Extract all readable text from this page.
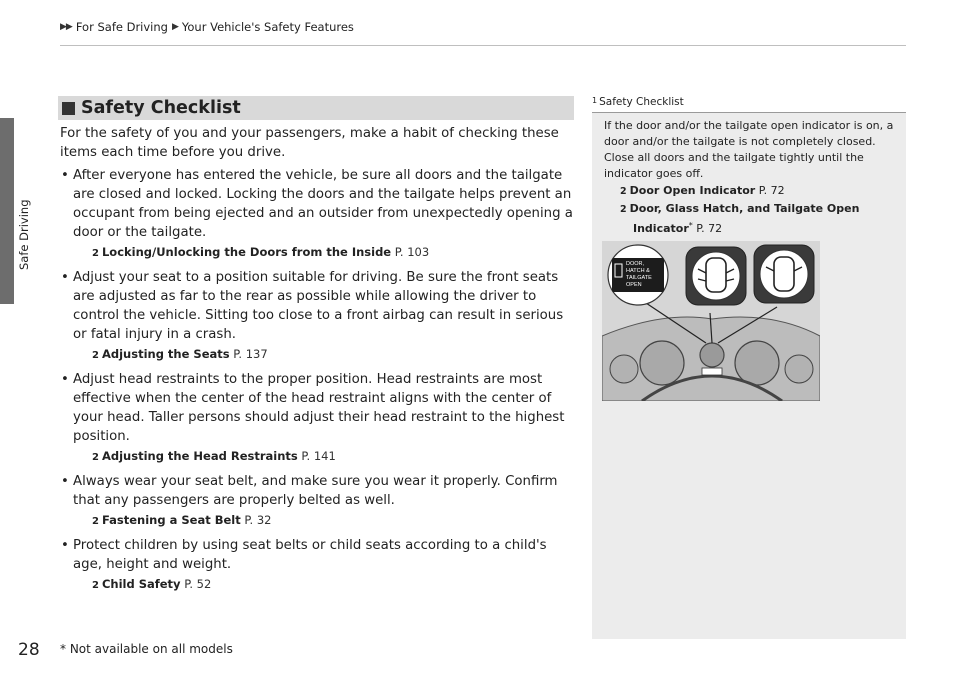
▶▶ For Safe Driving ▶ Your Vehicle's Safety Features
Safe Driving
Safety Checklist

For the safety of you and your passengers, make a habit of checking these items each time before you drive.

• After everyone has entered the vehicle, be sure all doors and the tailgate are closed and locked. Locking the doors and the tailgate helps prevent an occupant from being ejected and an outsider from unexpectedly opening a door or the tailgate.
2 Locking/Unlocking the Doors from the Inside P. 103
• Adjust your seat to a position suitable for driving. Be sure the front seats are adjusted as far to the rear as possible while allowing the driver to control the vehicle. Sitting too close to a front airbag can result in serious or fatal injury in a crash.
2 Adjusting the Seats P. 137
• Adjust head restraints to the proper position. Head restraints are most effective when the center of the head restraint aligns with the center of your head. Taller persons should adjust their head restraint to the highest position.
2 Adjusting the Head Restraints P. 141
• Always wear your seat belt, and make sure you wear it properly. Confirm that any passengers are properly belted as well.
2 Fastening a Seat Belt P. 32
• Protect children by using seat belts or child seats according to a child's age, height and weight.
2 Child Safety P. 52
1 Safety Checklist

If the door and/or the tailgate open indicator is on, a door and/or the tailgate is not completely closed. Close all doors and the tailgate tightly until the indicator goes off.

2 Door Open Indicator P. 72
2 Door, Glass Hatch, and Tailgate Open
Indicator* P. 72
DOOR,
HATCH &
TAILGATE
OPEN
28 * Not available on all models
